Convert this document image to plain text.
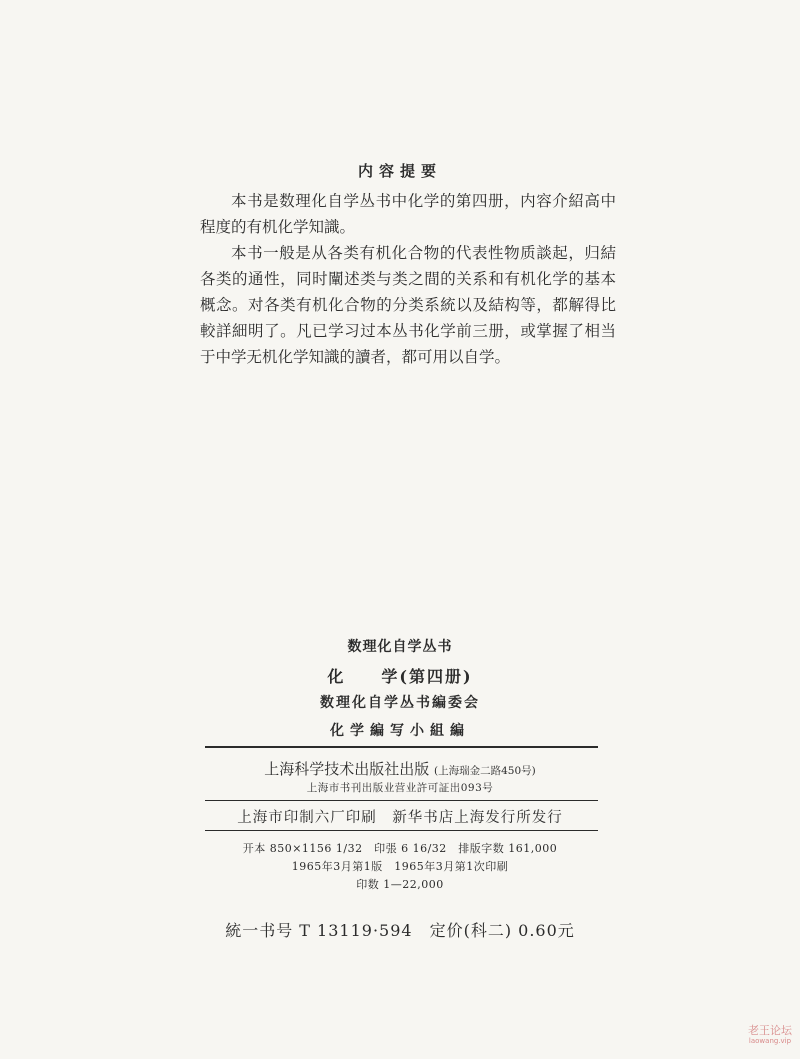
内容提要

本书是数理化自学丛书中化学的第四册，内容介紹高中程度的有机化学知識。

本书一般是从各类有机化合物的代表性物质談起，归結各类的通性，同时闡述类与类之間的关系和有机化学的基本概念。对各类有机化合物的分类系統以及結构等，都解得比較詳細明了。凡已学习过本丛书化学前三册，或掌握了相当于中学无机化学知識的讀者，都可用以自学。

数理化自学丛书
化　　学(第四册)
数理化自学丛书編委会
化学編写小組編
上海科学技术出版社出版 (上海瑞金二路450号)
上海市书刊出版业营业許可証出093号
上海市印制六厂印刷　新华书店上海发行所发行
开本 850×1156 1/32　印張 6 16/32　排版字数 161,000
1965年3月第1版　1965年3月第1次印刷
印数 1—22,000
統一书号 T 13119·594　定价(科二) 0.60元
老王论坛
laowang.vip
